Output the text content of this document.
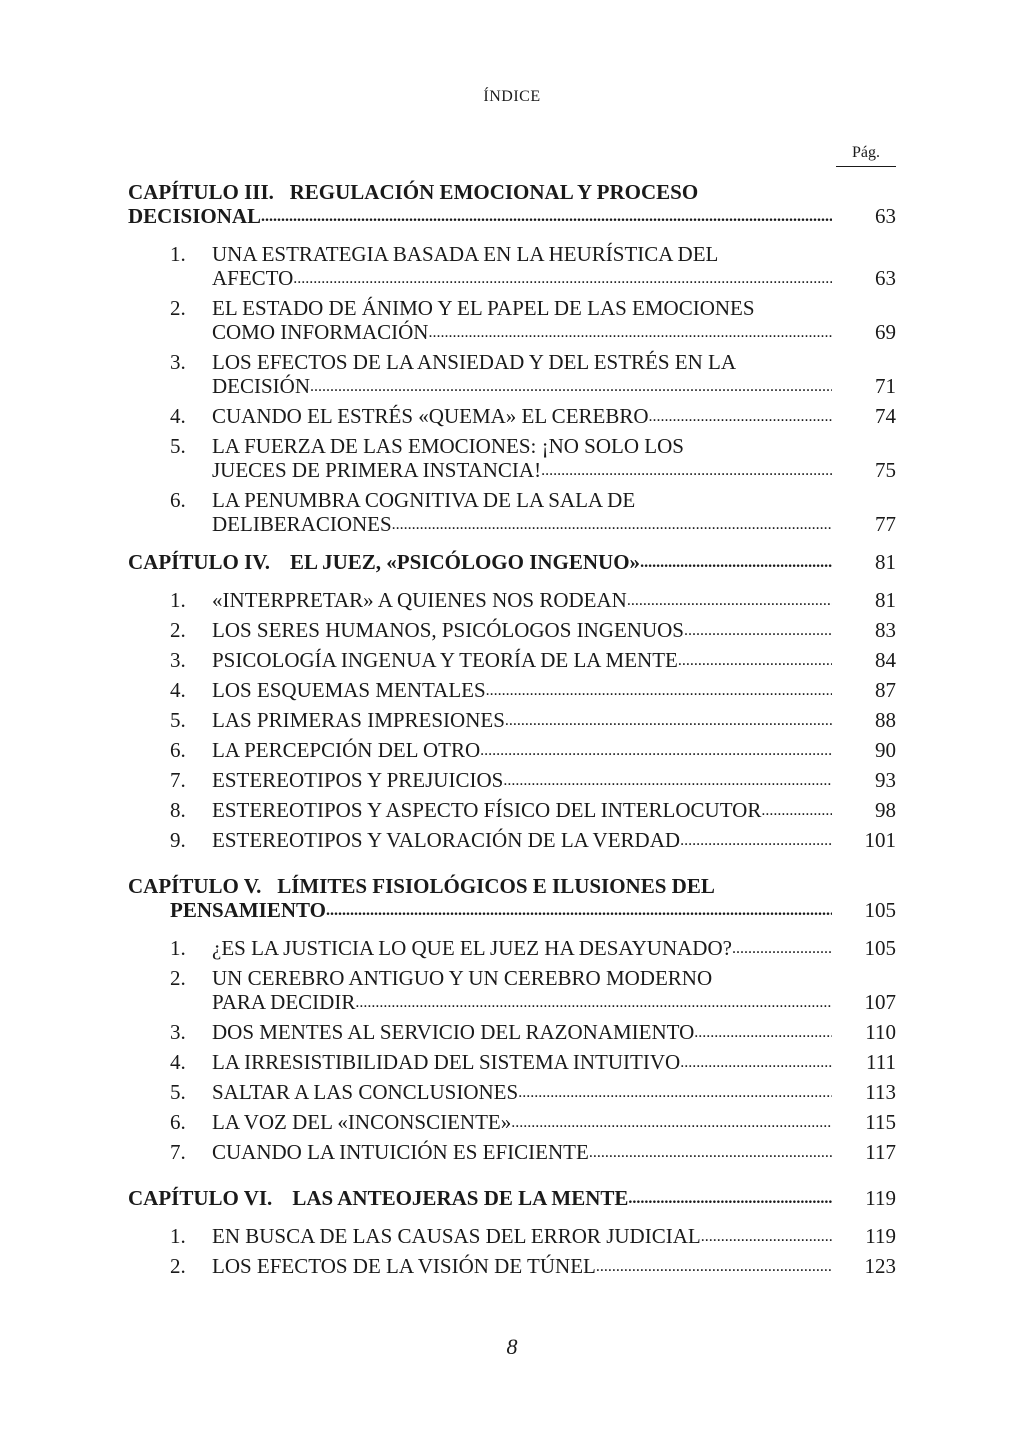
ÍNDICE
Pág.
CAPÍTULO III. REGULACIÓN EMOCIONAL Y PROCESO
DECISIONAL .....	63
1.	UNA ESTRATEGIA BASADA EN LA HEURÍSTICA DEL
AFECTO .....	63
2.	EL ESTADO DE ÁNIMO Y EL PAPEL DE LAS EMOCIONES
COMO INFORMACIÓN .....	69
3.	LOS EFECTOS DE LA ANSIEDAD Y DEL ESTRÉS EN LA
DECISIÓN .....	71
4.	CUANDO EL ESTRÉS «QUEMA» EL CEREBRO .....	74
5.	LA FUERZA DE LAS EMOCIONES: ¡NO SOLO LOS
JUECES DE PRIMERA INSTANCIA! .....	75
6.	LA PENUMBRA COGNITIVA DE LA SALA DE
DELIBERACIONES .....	77
CAPÍTULO IV. EL JUEZ, «PSICÓLOGO INGENUO» .....	81
1.	«INTERPRETAR» A QUIENES NOS RODEAN .....	81
2.	LOS SERES HUMANOS, PSICÓLOGOS INGENUOS .....	83
3.	PSICOLOGÍA INGENUA Y TEORÍA DE LA MENTE .....	84
4.	LOS ESQUEMAS MENTALES .....	87
5.	LAS PRIMERAS IMPRESIONES .....	88
6.	LA PERCEPCIÓN DEL OTRO .....	90
7.	ESTEREOTIPOS Y PREJUICIOS .....	93
8.	ESTEREOTIPOS Y ASPECTO FÍSICO DEL INTERLOCUTOR .....	98
9.	ESTEREOTIPOS Y VALORACIÓN DE LA VERDAD .....	101
CAPÍTULO V. LÍMITES FISIOLÓGICOS E ILUSIONES DEL
PENSAMIENTO .....	105
1.	¿ES LA JUSTICIA LO QUE EL JUEZ HA DESAYUNADO? .....	105
2.	UN CEREBRO ANTIGUO Y UN CEREBRO MODERNO
PARA DECIDIR .....	107
3.	DOS MENTES AL SERVICIO DEL RAZONAMIENTO .....	110
4.	LA IRRESISTIBILIDAD DEL SISTEMA INTUITIVO .....	111
5.	SALTAR A LAS CONCLUSIONES .....	113
6.	LA VOZ DEL «INCONSCIENTE» .....	115
7.	CUANDO LA INTUICIÓN ES EFICIENTE .....	117
CAPÍTULO VI. LAS ANTEOJERAS DE LA MENTE .....	119
1.	EN BUSCA DE LAS CAUSAS DEL ERROR JUDICIAL .....	119
2.	LOS EFECTOS DE LA VISIÓN DE TÚNEL .....	123
8
